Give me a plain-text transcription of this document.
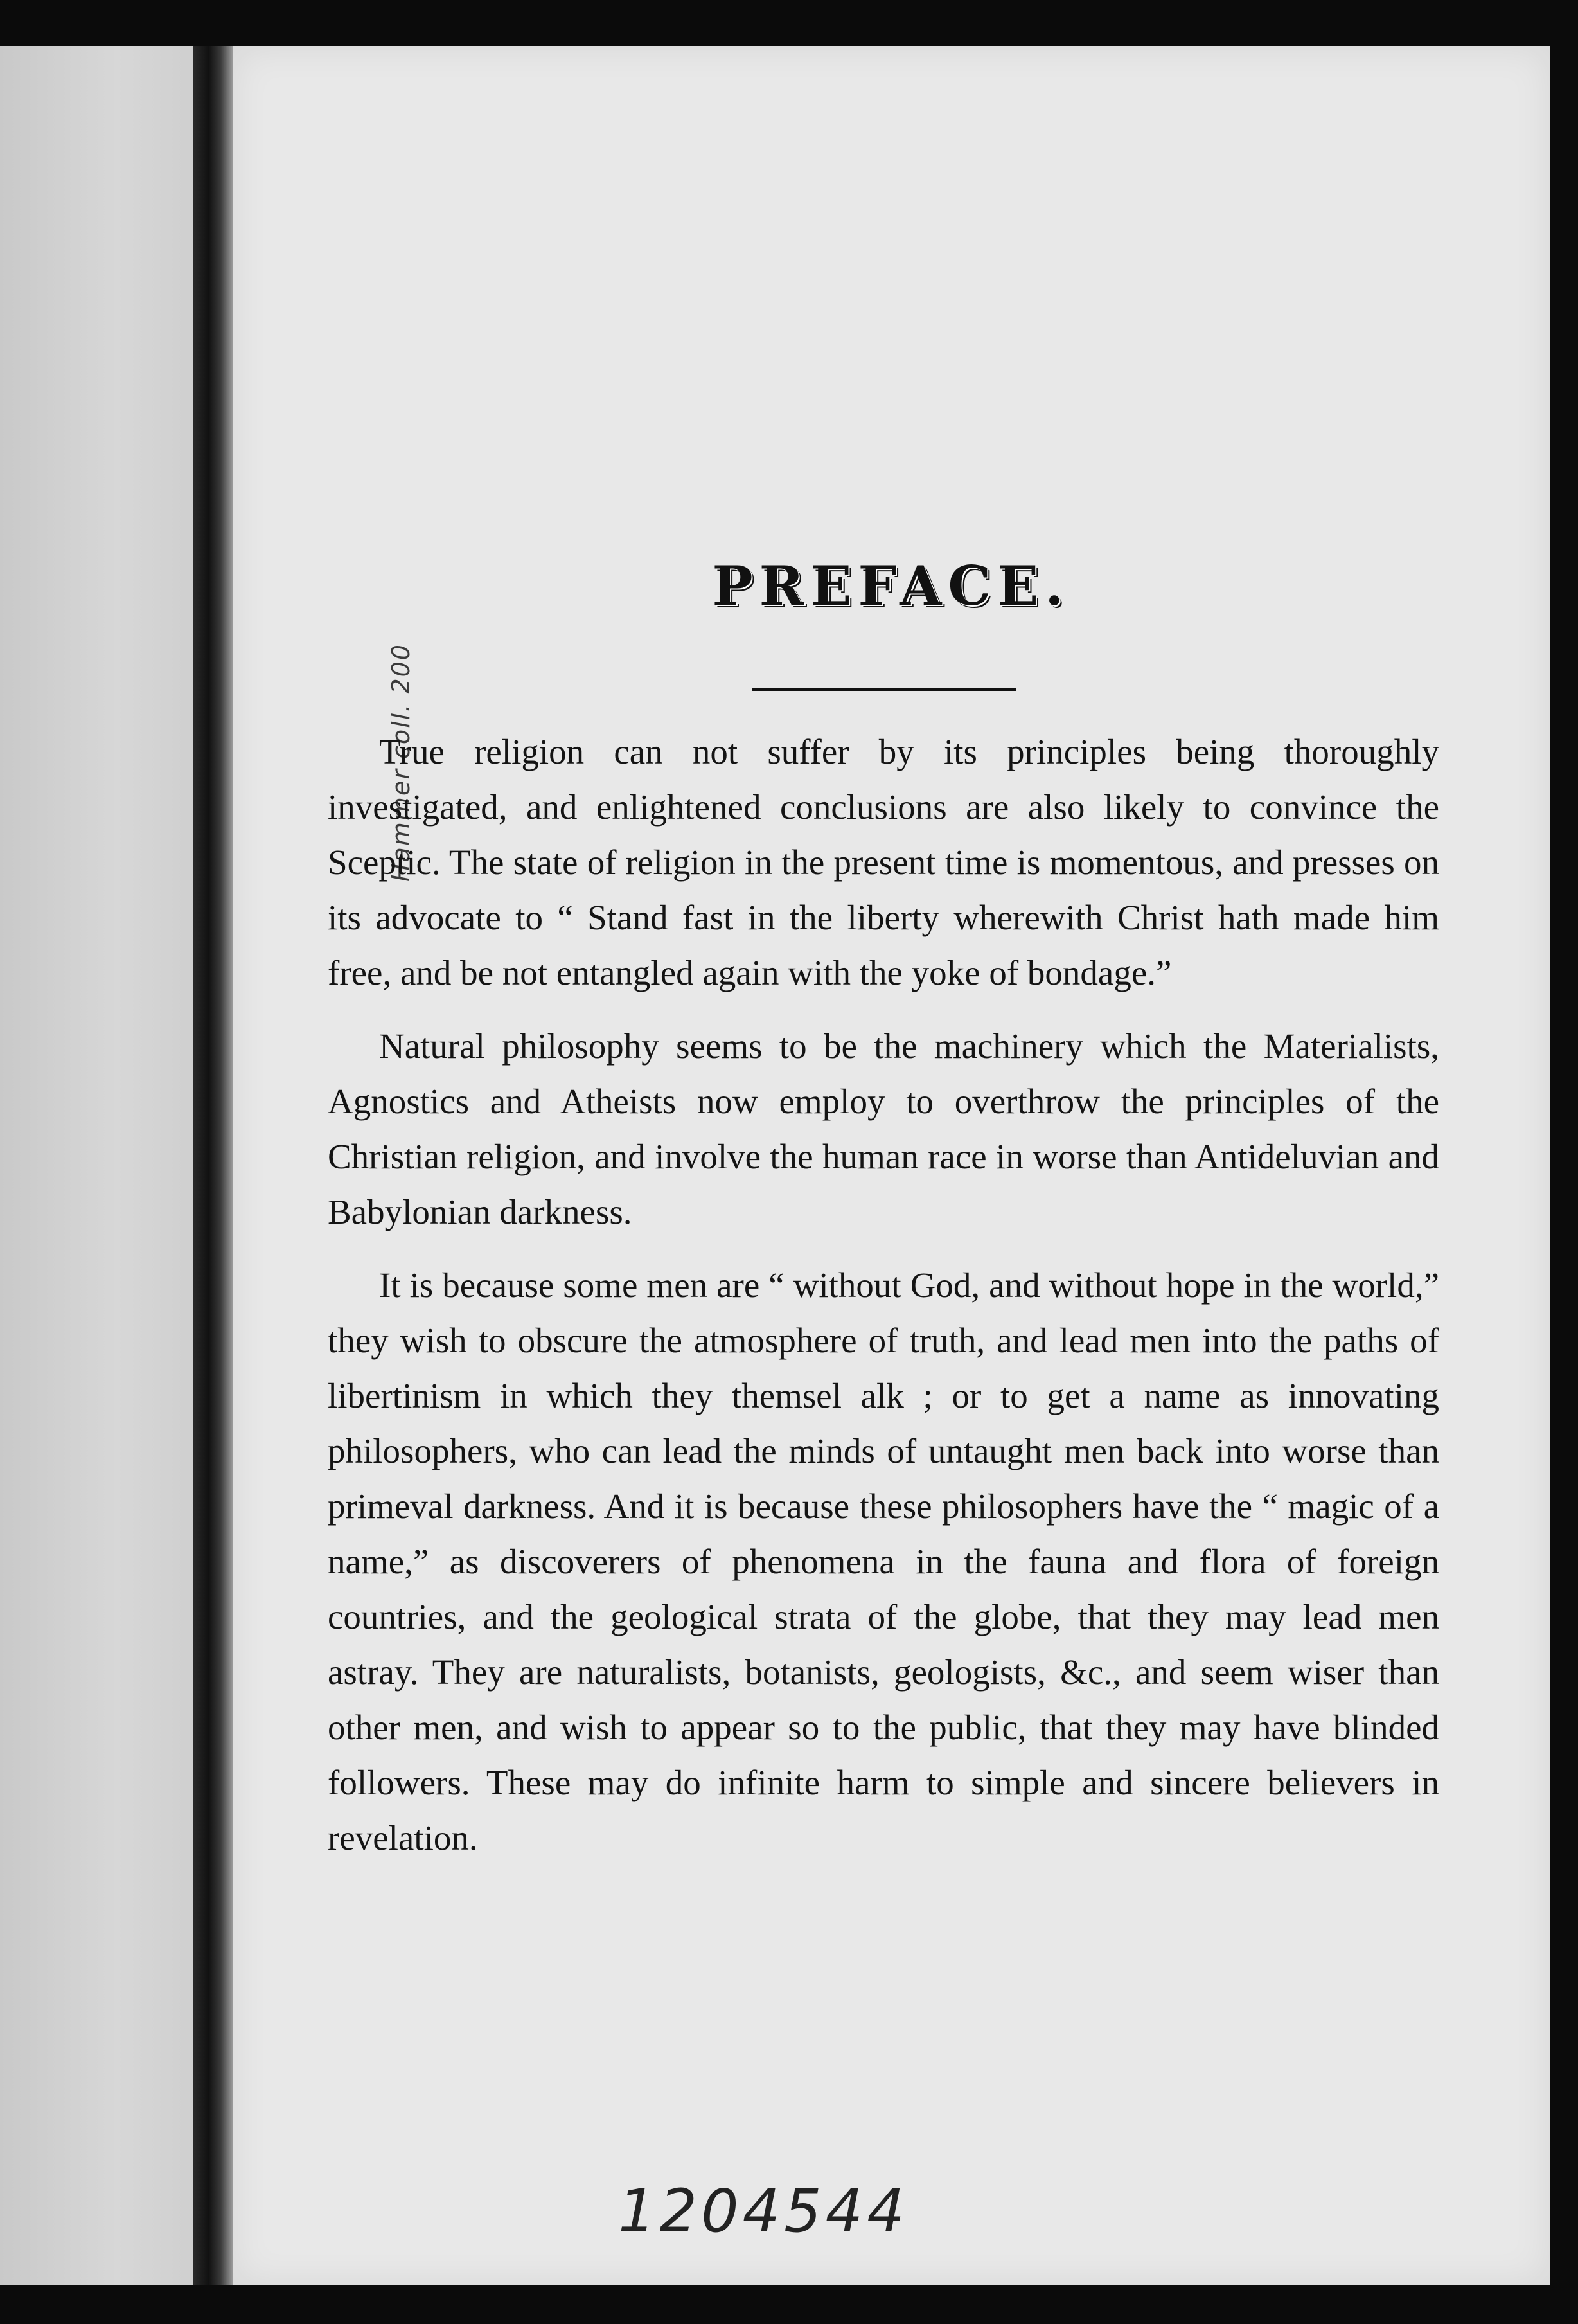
Hammer coll. 200
PREFACE.

True religion can not suffer by its principles being thoroughly investigated, and enlightened conclusions are also likely to convince the Sceptic. The state of religion in the present time is momentous, and presses on its advocate to “ Stand fast in the liberty wherewith Christ hath made him free, and be not entangled again with the yoke of bondage.”

Natural philosophy seems to be the machinery which the Materialists, Agnostics and Atheists now employ to overthrow the principles of the Christian religion, and involve the human race in worse than Antideluvian and Babylonian darkness.

It is because some men are “ without God, and without hope in the world,” they wish to obscure the atmosphere of truth, and lead men into the paths of libertinism in which they themsel alk ; or to get a name as innovating philosophers, who can lead the minds of untaught men back into worse than primeval darkness. And it is because these philosophers have the “ magic of a name,” as discoverers of phenomena in the fauna and flora of foreign countries, and the geological strata of the globe, that they may lead men astray. They are naturalists, botanists, geologists, &c., and seem wiser than other men, and wish to appear so to the public, that they may have blinded followers. These may do infinite harm to simple and sincere believers in revelation.

1204544
